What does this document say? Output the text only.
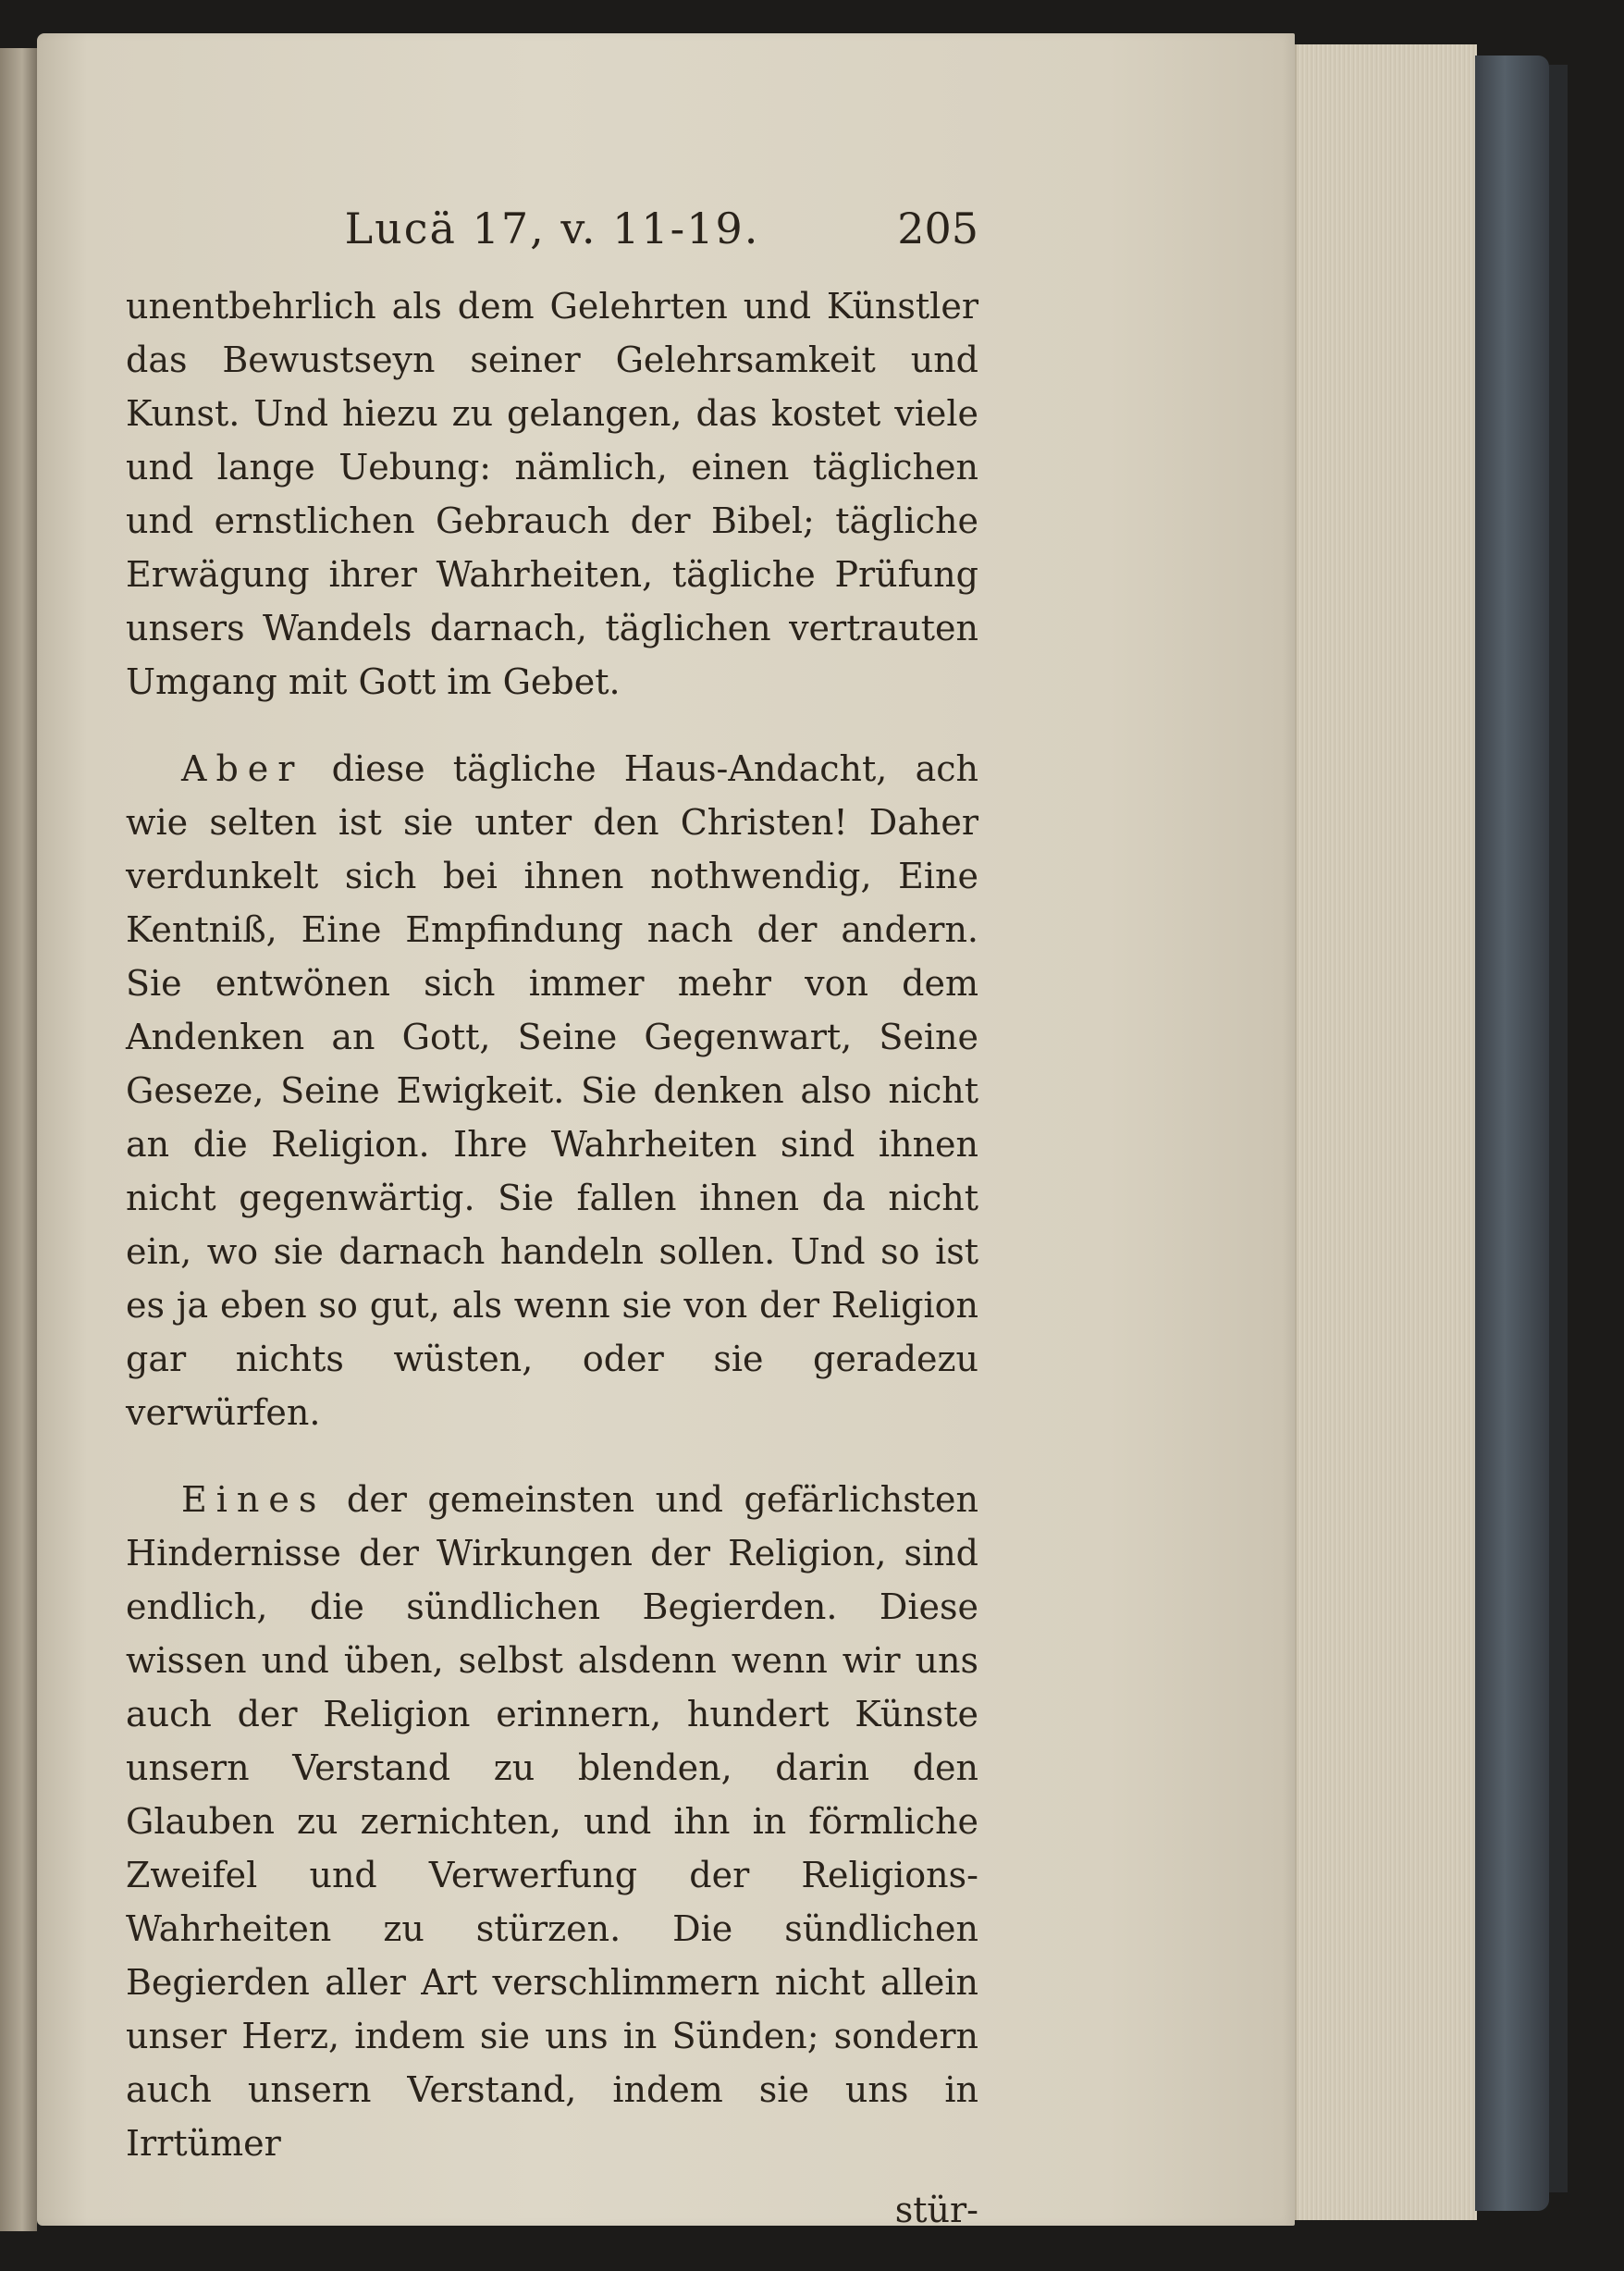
Lucä 17, v. 11-19.	205

unentbehrlich als dem Gelehrten und Künstler das Bewustseyn seiner Gelehrsamkeit und Kunst. Und hiezu zu gelangen, das kostet viele und lange Uebung: nämlich, einen täglichen und ernstlichen Gebrauch der Bibel; tägliche Erwägung ihrer Wahrheiten, tägliche Prüfung unsers Wandels darnach, täglichen vertrauten Umgang mit Gott im Gebet.

Aber diese tägliche Haus-Andacht, ach wie selten ist sie unter den Christen! Daher verdunkelt sich bei ihnen nothwendig, Eine Kentniß, Eine Empfindung nach der andern. Sie entwönen sich immer mehr von dem Andenken an Gott, Seine Gegenwart, Seine Geseze, Seine Ewigkeit. Sie denken also nicht an die Religion. Ihre Wahrheiten sind ihnen nicht gegenwärtig. Sie fallen ihnen da nicht ein, wo sie darnach handeln sollen. Und so ist es ja eben so gut, als wenn sie von der Religion gar nichts wüsten, oder sie geradezu verwürfen.

Eines der gemeinsten und gefärlichsten Hindernisse der Wirkungen der Religion, sind endlich, die sündlichen Begierden. Diese wissen und üben, selbst alsdenn wenn wir uns auch der Religion erinnern, hundert Künste unsern Verstand zu blenden, darin den Glauben zu zernichten, und ihn in förmliche Zweifel und Verwerfung der Religions-Wahrheiten zu stürzen. Die sündlichen Begierden aller Art verschlimmern nicht allein unser Herz, indem sie uns in Sünden; sondern auch unsern Verstand, indem sie uns in Irrtümer

stür-
